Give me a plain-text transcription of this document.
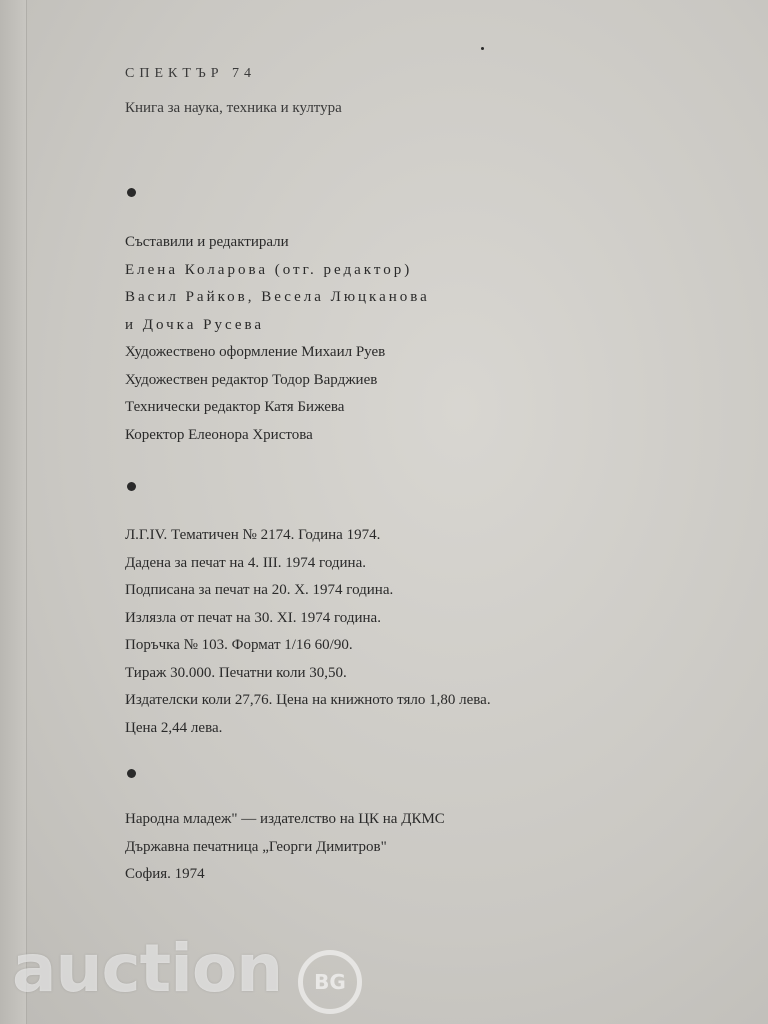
СПЕКТЪР 74
Книга за наука, техника и култура
Съставили и редактирали
Елена Коларова (отг. редактор)
Васил Райков, Весела Люцканова
и Дочка Русева
Художествено оформление Михаил Руев
Художествен редактор Тодор Варджиев
Технически редактор Катя Бижева
Коректор Елеонора Христова
Л.Г.IV. Тематичен № 2174. Година 1974.
Дадена за печат на 4. III. 1974 година.
Подписана за печат на 20. X. 1974 година.
Излязла от печат на 30. XI. 1974 година.
Поръчка № 103. Формат 1/16 60/90.
Тираж 30.000. Печатни коли 30,50.
Издателски коли 27,76. Цена на книжното тяло 1,80 лева.
Цена 2,44 лева.
Народна младеж" — издателство на ЦК на ДКМС
Държавна печатница „Георги Димитров"
София. 1974
auction	BG
